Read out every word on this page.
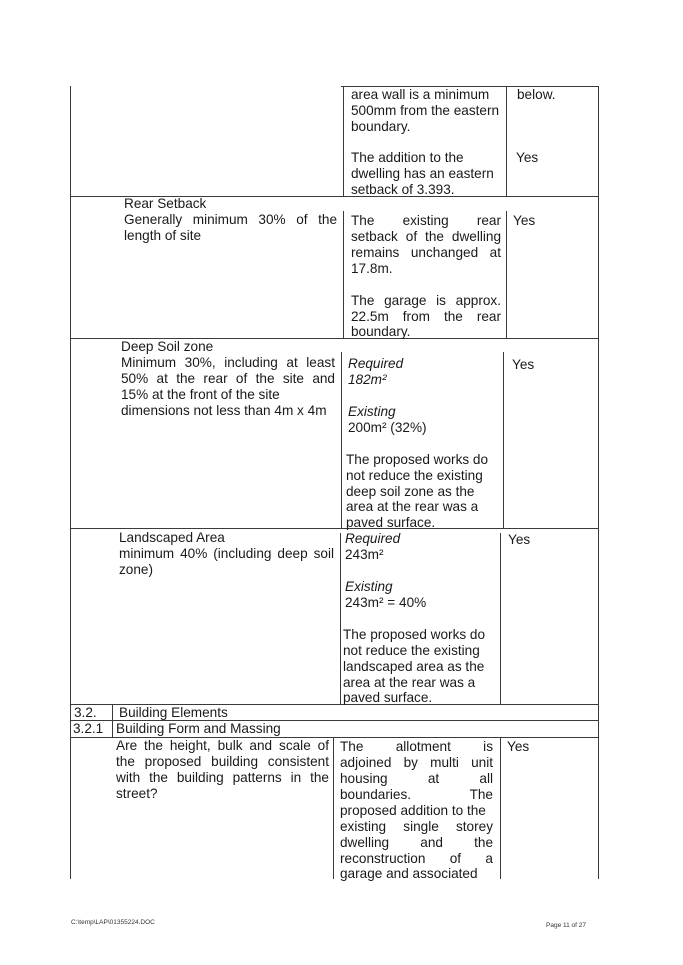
area wall is a minimum
500mm from the eastern
boundary.
The addition to the
dwelling has an eastern
setback of 3.393.
below.
Yes
Rear Setback
Generally minimum 30% of the
length of site
The existing rear
setback of the dwelling
remains unchanged at
17.8m.
The garage is approx.
22.5m from the rear
boundary.
Yes
Deep Soil zone
Minimum 30%, including at least
50% at the rear of the site and
15% at the front of the site
dimensions not less than 4m x 4m
Required
182m²
Existing
200m² (32%)
The proposed works do
not reduce the existing
deep soil zone as the
area at the rear was a
paved surface.
Yes
Landscaped Area
minimum 40% (including deep soil
zone)
Required
243m²
Existing
243m² = 40%
The proposed works do
not reduce the existing
landscaped area as the
area at the rear was a
paved surface.
Yes
3.2. Building Elements
3.2.1 Building Form and Massing
Are the height, bulk and scale of
the proposed building consistent
with the building patterns in the
street?
The allotment is
adjoined by multi unit
housing at all
boundaries. The
proposed addition to the
existing single storey
dwelling and the
reconstruction of a
garage and associated
Yes
C:\temp\LAP\01355224.DOC	Page 11 of 27
